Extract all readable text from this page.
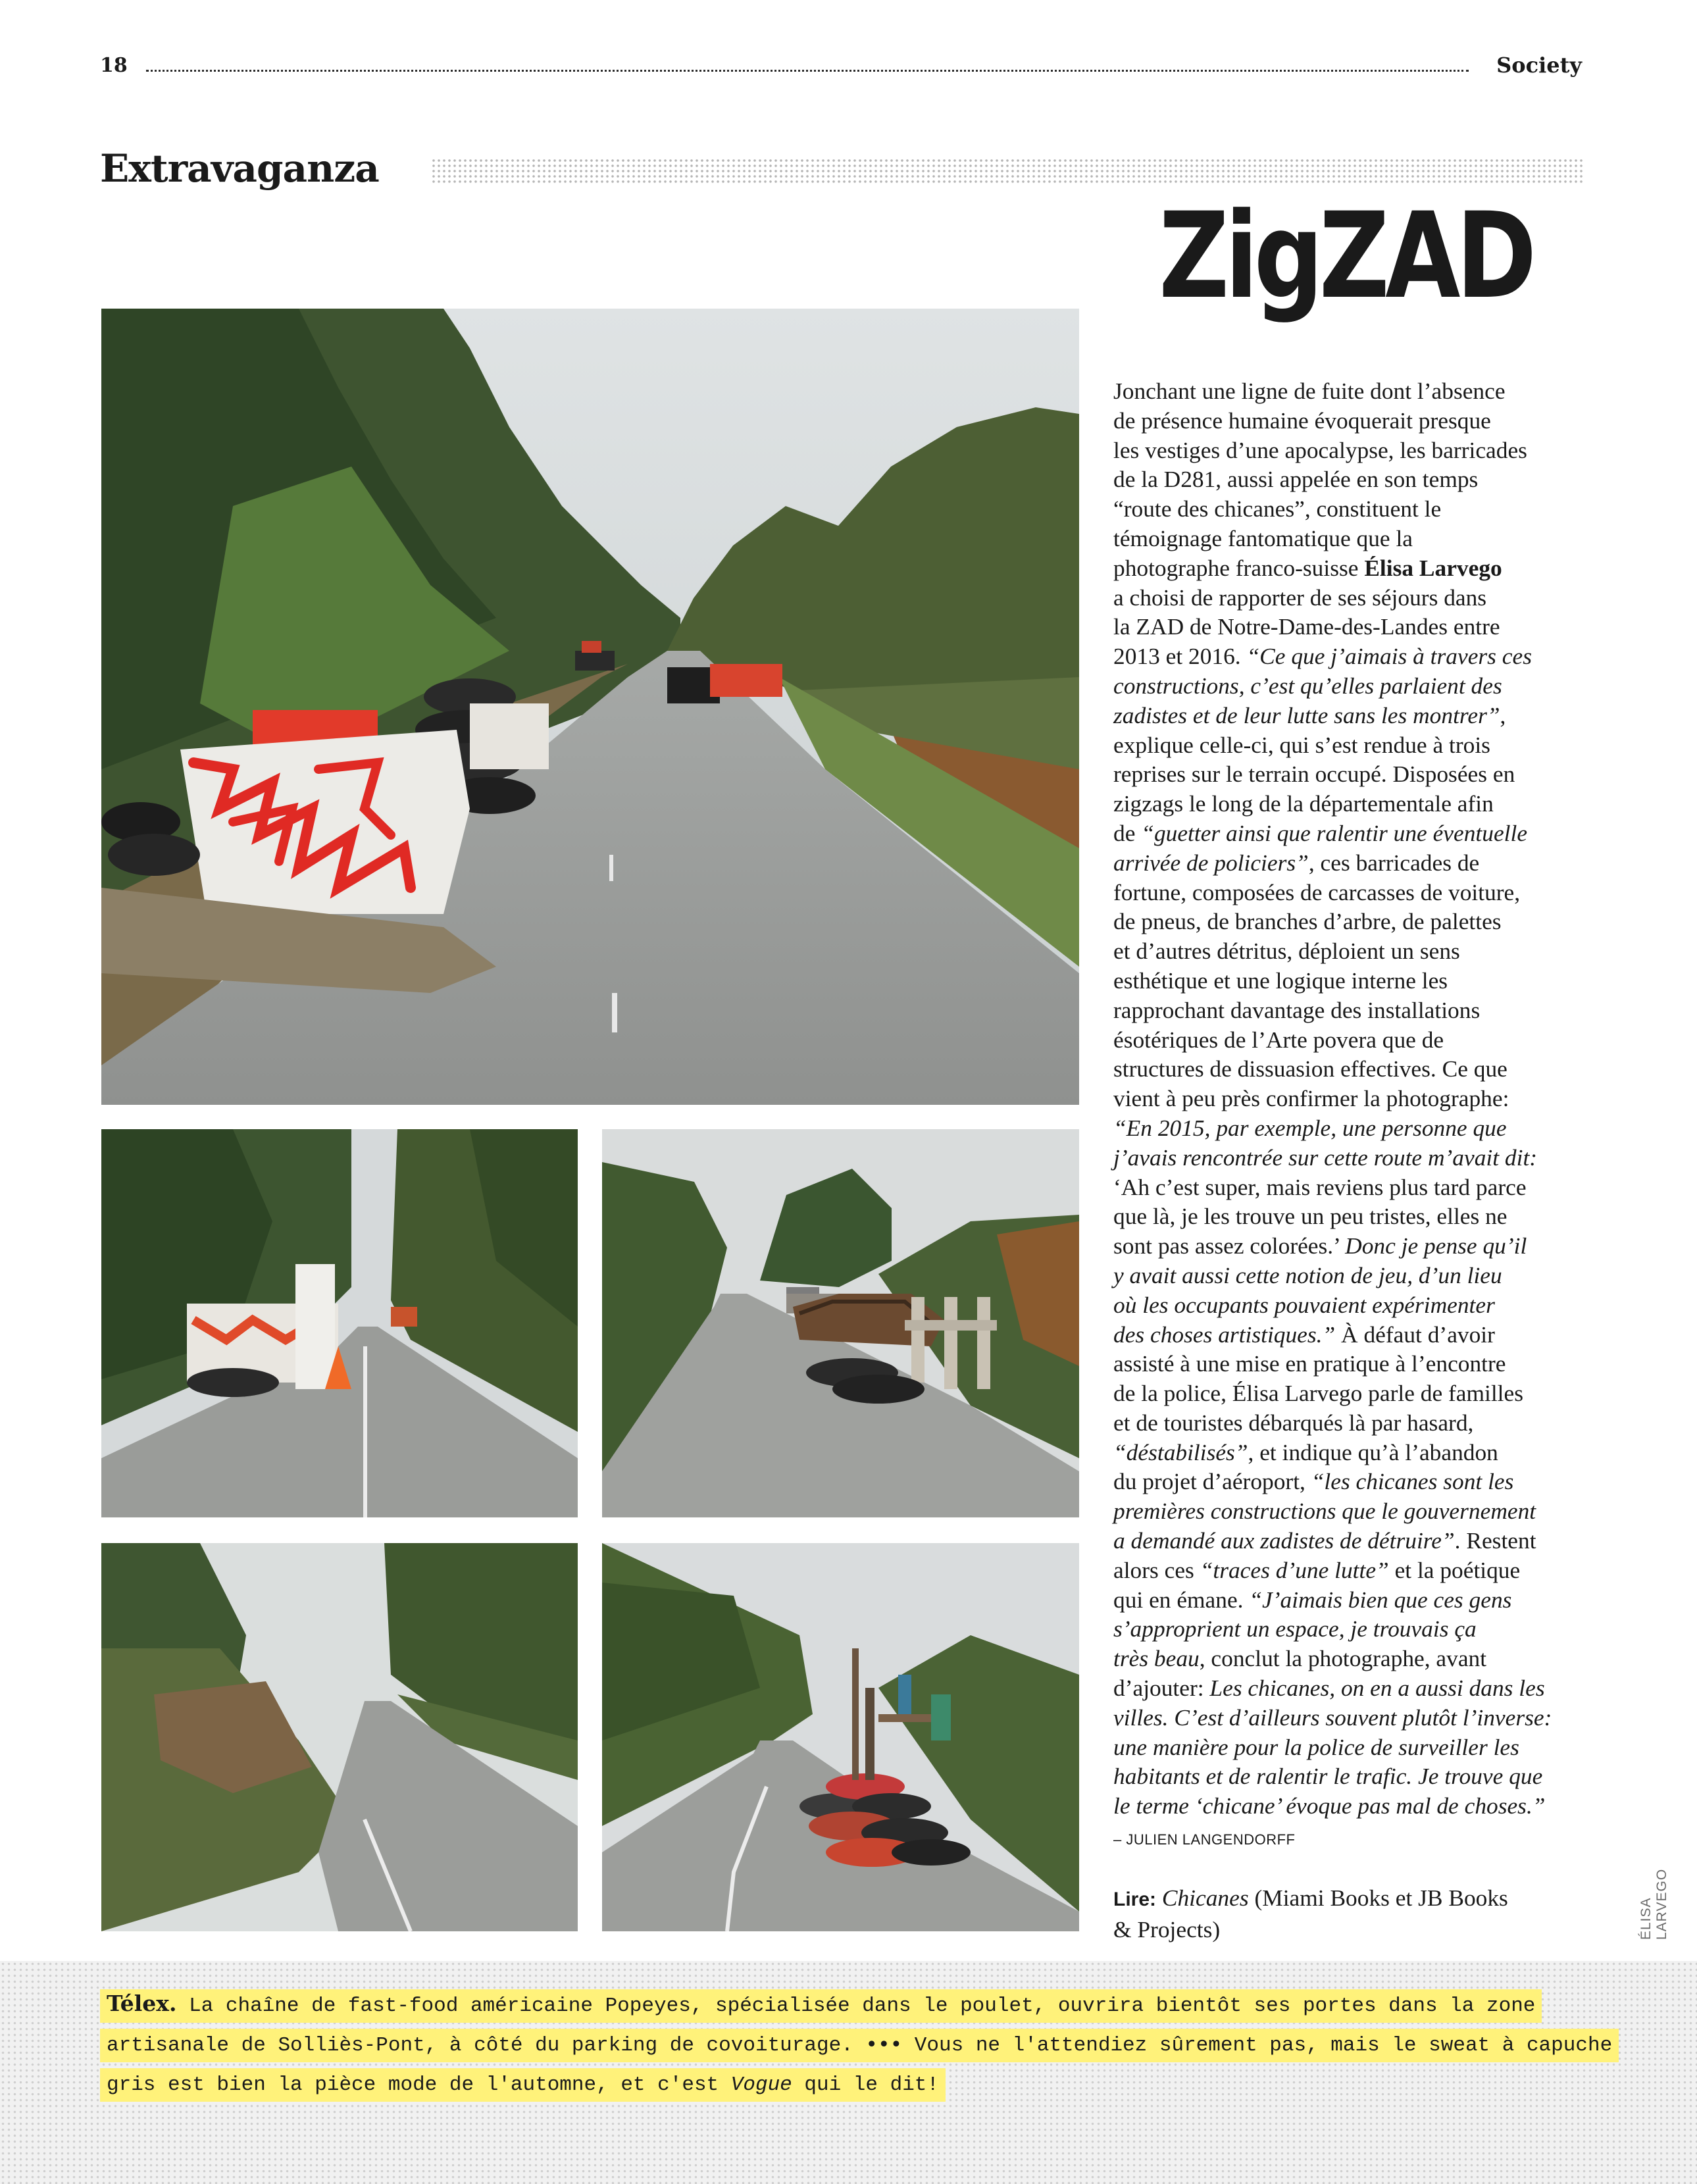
18	Society
Extravaganza
ZigZAD
Jonchant une ligne de fuite dont l’absence
de présence humaine évoquerait presque
les vestiges d’une apocalypse, les barricades
de la D281, aussi appelée en son temps
“route des chicanes”, constituent le
témoignage fantomatique que la
photographe franco-suisse Élisa Larvego
a choisi de rapporter de ses séjours dans
la ZAD de Notre-Dame-des-Landes entre
2013 et 2016. “Ce que j’aimais à travers ces
constructions, c’est qu’elles parlaient des
zadistes et de leur lutte sans les montrer”,
explique celle-ci, qui s’est rendue à trois
reprises sur le terrain occupé. Disposées en
zigzags le long de la départementale afin
de “guetter ainsi que ralentir une éventuelle
arrivée de policiers”, ces barricades de
fortune, composées de carcasses de voiture,
de pneus, de branches d’arbre, de palettes
et d’autres détritus, déploient un sens
esthétique et une logique interne les
rapprochant davantage des installations
ésotériques de l’Arte povera que de
structures de dissuasion effectives. Ce que
vient à peu près confirmer la photographe:
“En 2015, par exemple, une personne que
j’avais rencontrée sur cette route m’avait dit:
‘Ah c’est super, mais reviens plus tard parce
que là, je les trouve un peu tristes, elles ne
sont pas assez colorées.’ Donc je pense qu’il
y avait aussi cette notion de jeu, d’un lieu
où les occupants pouvaient expérimenter
des choses artistiques.” À défaut d’avoir
assisté à une mise en pratique à l’encontre
de la police, Élisa Larvego parle de familles
et de touristes débarqués là par hasard,
“déstabilisés”, et indique qu’à l’abandon
du projet d’aéroport, “les chicanes sont les
premières constructions que le gouvernement
a demandé aux zadistes de détruire”. Restent
alors ces “traces d’une lutte” et la poétique
qui en émane. “J’aimais bien que ces gens
s’approprient un espace, je trouvais ça
très beau, conclut la photographe, avant
d’ajouter: Les chicanes, on en a aussi dans les
villes. C’est d’ailleurs souvent plutôt l’inverse:
une manière pour la police de surveiller les
habitants et de ralentir le trafic. Je trouve que
le terme ‘chicane’ évoque pas mal de choses.”
– JULIEN LANGENDORFF
Lire: Chicanes (Miami Books et JB Books
& Projects)	ÉLISA LARVEGO
Télex. La chaîne de fast-food américaine Popeyes, spécialisée dans le poulet, ouvrira bientôt ses portes dans la zone
artisanale de Solliès-Pont, à côté du parking de covoiturage. ••• Vous ne l'attendiez sûrement pas, mais le sweat à capuche
gris est bien la pièce mode de l'automne, et c'est Vogue qui le dit!
